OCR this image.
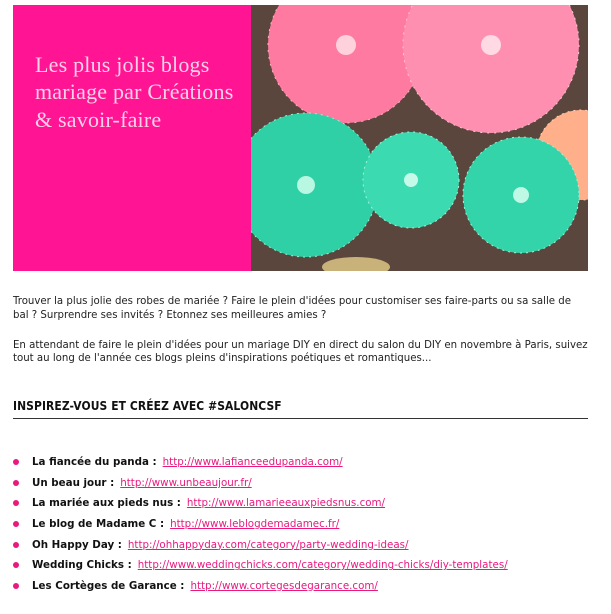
Les plus jolis blogs mariage par Créations & savoir-faire

Trouver la plus jolie des robes de mariée ? Faire le plein d'idées pour customiser ses faire-parts ou sa salle de bal ? Surprendre ses invités ? Etonnez ses meilleures amies ?

En attendant de faire le plein d'idées pour un mariage DIY en direct du salon du DIY en novembre à Paris, suivez tout au long de l'année ces blogs pleins d'inspirations poétiques et romantiques...

INSPIREZ-VOUS ET CRÉEZ AVEC #SALONCSF
La fiancée du panda : http://www.lafianceedupanda.com/
Un beau jour : http://www.unbeaujour.fr/
La mariée aux pieds nus : http://www.lamarieeauxpiedsnus.com/
Le blog de Madame C : http://www.leblogdemadamec.fr/
Oh Happy Day : http://ohhappyday.com/category/party-wedding-ideas/
Wedding Chicks : http://www.weddingchicks.com/category/wedding-chicks/diy-templates/
Les Cortèges de Garance : http://www.cortegesdegarance.com/
